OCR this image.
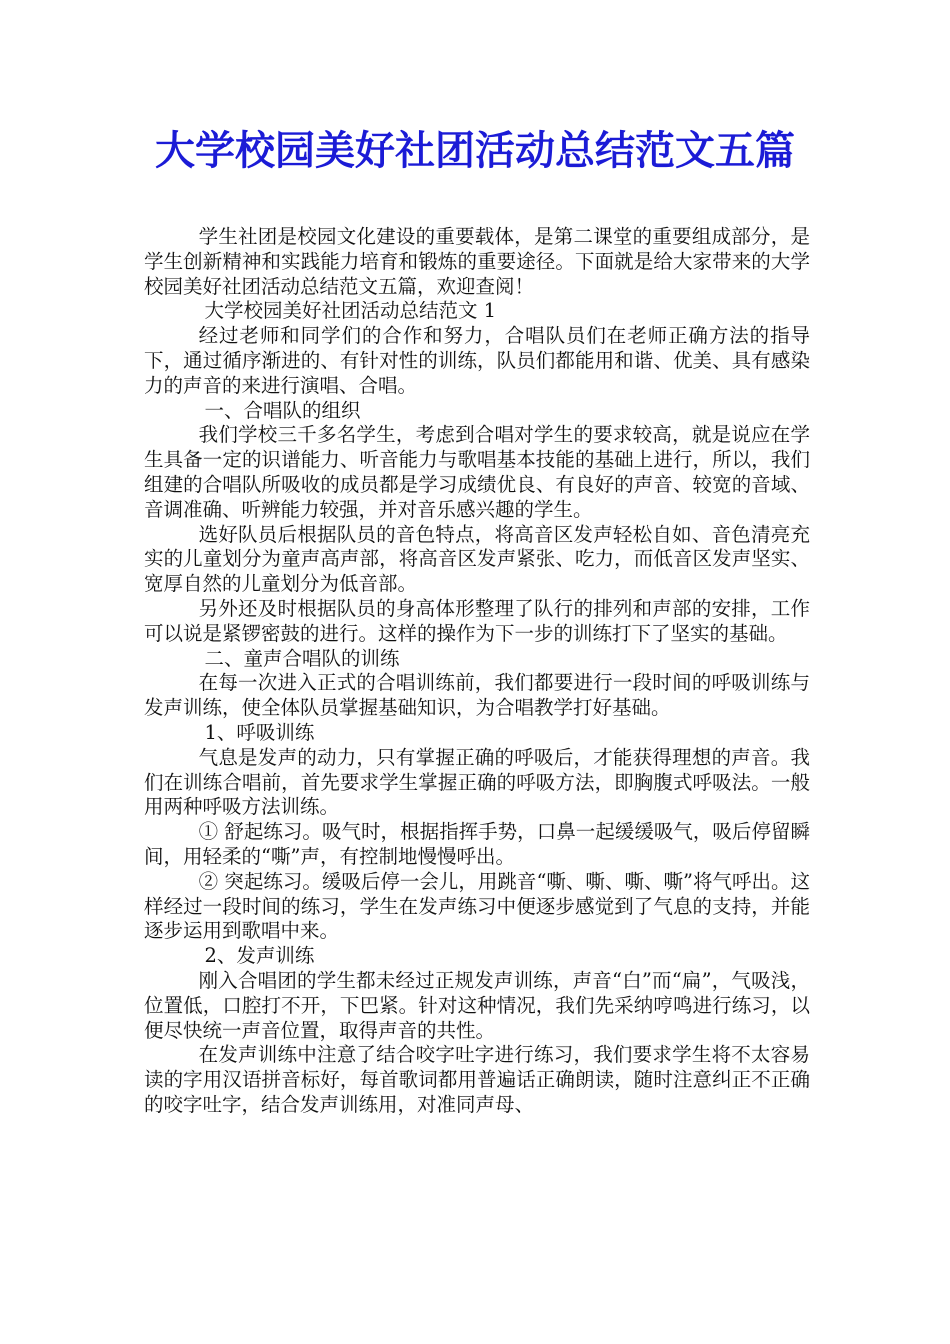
大学校园美好社团活动总结范文五篇

学生社团是校园文化建设的重要载体，是第二课堂的重要组成部分，是学生创新精神和实践能力培育和锻炼的重要途径。下面就是给大家带来的大学校园美好社团活动总结范文五篇，欢迎查阅！

大学校园美好社团活动总结范文 1

经过老师和同学们的合作和努力，合唱队员们在老师正确方法的指导下，通过循序渐进的、有针对性的训练，队员们都能用和谐、优美、具有感染力的声音的来进行演唱、合唱。

一、合唱队的组织

我们学校三千多名学生，考虑到合唱对学生的要求较高，就是说应在学生具备一定的识谱能力、听音能力与歌唱基本技能的基础上进行，所以，我们组建的合唱队所吸收的成员都是学习成绩优良、有良好的声音、较宽的音域、音调准确、听辨能力较强，并对音乐感兴趣的学生。

选好队员后根据队员的音色特点，将高音区发声轻松自如、音色清亮充实的儿童划分为童声高声部，将高音区发声紧张、吃力，而低音区发声坚实、宽厚自然的儿童划分为低音部。

另外还及时根据队员的身高体形整理了队行的排列和声部的安排，工作可以说是紧锣密鼓的进行。这样的操作为下一步的训练打下了坚实的基础。

二、童声合唱队的训练

在每一次进入正式的合唱训练前，我们都要进行一段时间的呼吸训练与发声训练，使全体队员掌握基础知识，为合唱教学打好基础。

1、呼吸训练

气息是发声的动力，只有掌握正确的呼吸后，才能获得理想的声音。我们在训练合唱前，首先要求学生掌握正确的呼吸方法，即胸腹式呼吸法。一般用两种呼吸方法训练。

① 舒起练习。吸气时，根据指挥手势，口鼻一起缓缓吸气，吸后停留瞬间，用轻柔的“嘶”声，有控制地慢慢呼出。

② 突起练习。缓吸后停一会儿，用跳音“嘶、嘶、嘶、嘶”将气呼出。这样经过一段时间的练习，学生在发声练习中便逐步感觉到了气息的支持，并能逐步运用到歌唱中来。

2、发声训练

刚入合唱团的学生都未经过正规发声训练，声音“白”而“扁”，气吸浅，位置低，口腔打不开，下巴紧。针对这种情况，我们先采纳哼鸣进行练习，以便尽快统一声音位置，取得声音的共性。

在发声训练中注意了结合咬字吐字进行练习，我们要求学生将不太容易读的字用汉语拼音标好，每首歌词都用普遍话正确朗读，随时注意纠正不正确的咬字吐字，结合发声训练用，对准同声母、
